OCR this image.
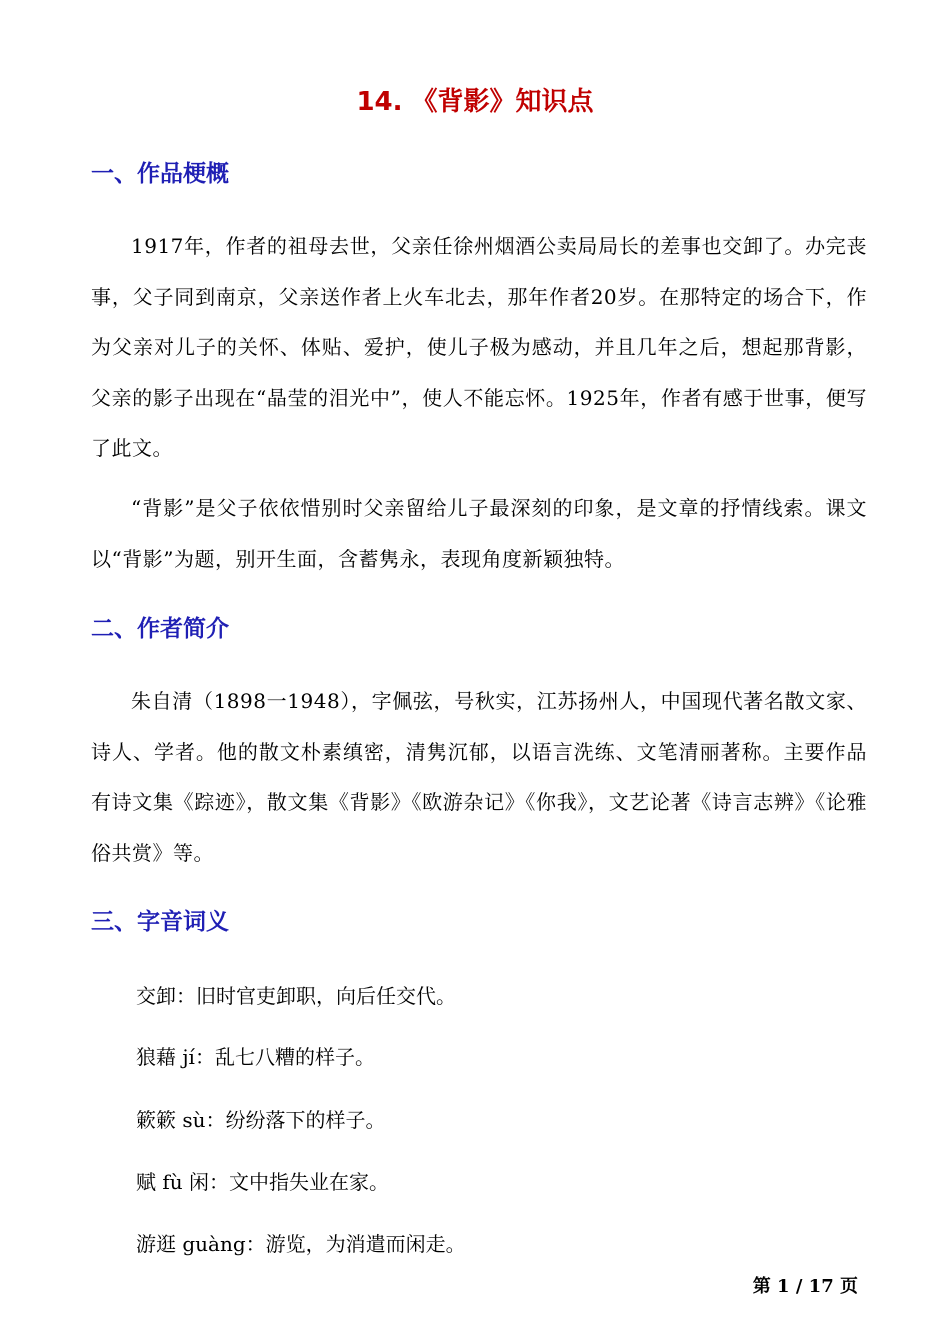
14. 《背影》知识点
一、作品梗概

1917年，作者的祖母去世，父亲任徐州烟酒公卖局局长的差事也交卸了。办完丧事，父子同到南京，父亲送作者上火车北去，那年作者20岁。在那特定的场合下，作为父亲对儿子的关怀、体贴、爱护，使儿子极为感动，并且几年之后，想起那背影，父亲的影子出现在“晶莹的泪光中”，使人不能忘怀。1925年，作者有感于世事，便写了此文。

“背影”是父子依依惜别时父亲留给儿子最深刻的印象，是文章的抒情线索。课文以“背影”为题，别开生面，含蓄隽永，表现角度新颖独特。

二、作者简介

朱自清（1898一1948），字佩弦，号秋实，江苏扬州人，中国现代著名散文家、诗人、学者。他的散文朴素缜密，清隽沉郁，以语言洗练、文笔清丽著称。主要作品有诗文集《踪迹》，散文集《背影》《欧游杂记》《你我》，文艺论著《诗言志辨》《论雅俗共赏》等。

三、字音词义

交卸：旧时官吏卸职，向后任交代。

狼藉 jí：乱七八糟的样子。

簌簌 sù：纷纷落下的样子。

赋 fù 闲：文中指失业在家。

游逛 guàng：游览，为消遣而闲走。

第 1 / 17 页
